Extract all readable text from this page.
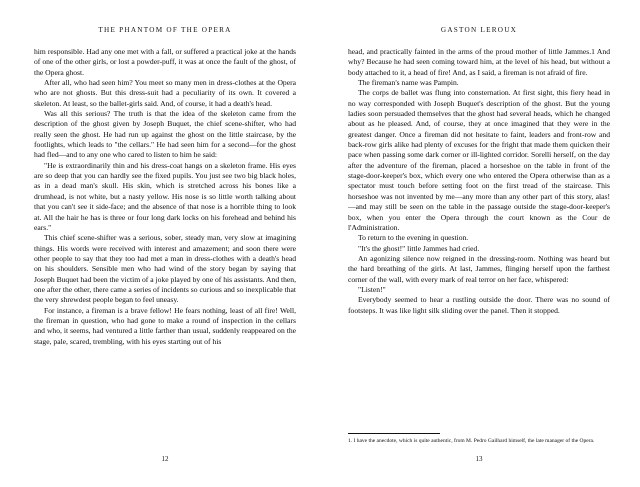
THE PHANTOM OF THE OPERA

him responsible. Had any one met with a fall, or suffered a practical joke at the hands of one of the other girls, or lost a powder-puff, it was at once the fault of the ghost, of the Opera ghost.

After all, who had seen him? You meet so many men in dress-clothes at the Opera who are not ghosts. But this dress-suit had a peculiarity of its own. It covered a skeleton. At least, so the ballet-girls said. And, of course, it had a death's head.

Was all this serious? The truth is that the idea of the skeleton came from the description of the ghost given by Joseph Buquet, the chief scene-shifter, who had really seen the ghost. He had run up against the ghost on the little staircase, by the footlights, which leads to "the cellars." He had seen him for a second—for the ghost had fled—and to any one who cared to listen to him he said:

"He is extraordinarily thin and his dress-coat hangs on a skeleton frame. His eyes are so deep that you can hardly see the fixed pupils. You just see two big black holes, as in a dead man's skull. His skin, which is stretched across his bones like a drumhead, is not white, but a nasty yellow. His nose is so little worth talking about that you can't see it side-face; and the absence of that nose is a horrible thing to look at. All the hair he has is three or four long dark locks on his forehead and behind his ears."

This chief scene-shifter was a serious, sober, steady man, very slow at imagining things. His words were received with interest and amazement; and soon there were other people to say that they too had met a man in dress-clothes with a death's head on his shoulders. Sensible men who had wind of the story began by saying that Joseph Buquet had been the victim of a joke played by one of his assistants. And then, one after the other, there came a series of incidents so curious and so inexplicable that the very shrewdest people began to feel uneasy.

For instance, a fireman is a brave fellow! He fears nothing, least of all fire! Well, the fireman in question, who had gone to make a round of inspection in the cellars and who, it seems, had ventured a little farther than usual, suddenly reappeared on the stage, pale, scared, trembling, with his eyes starting out of his

12
GASTON LEROUX

head, and practically fainted in the arms of the proud mother of little Jammes.1 And why? Because he had seen coming toward him, at the level of his head, but without a body attached to it, a head of fire! And, as I said, a fireman is not afraid of fire.

The fireman's name was Pampin.

The corps de ballet was flung into consternation. At first sight, this fiery head in no way corresponded with Joseph Buquet's description of the ghost. But the young ladies soon persuaded themselves that the ghost had several heads, which he changed about as he pleased. And, of course, they at once imagined that they were in the greatest danger. Once a fireman did not hesitate to faint, leaders and front-row and back-row girls alike had plenty of excuses for the fright that made them quicken their pace when passing some dark corner or ill-lighted corridor. Sorelli herself, on the day after the adventure of the fireman, placed a horseshoe on the table in front of the stage-door-keeper's box, which every one who entered the Opera otherwise than as a spectator must touch before setting foot on the first tread of the staircase. This horseshoe was not invented by me—any more than any other part of this story, alas!—and may still be seen on the table in the passage outside the stage-door-keeper's box, when you enter the Opera through the court known as the Cour de l'Administration.

To return to the evening in question.

"It's the ghost!" little Jammes had cried.

An agonizing silence now reigned in the dressing-room. Nothing was heard but the hard breathing of the girls. At last, Jammes, flinging herself upon the farthest corner of the wall, with every mark of real terror on her face, whispered:

"Listen!"

Everybody seemed to hear a rustling outside the door. There was no sound of footsteps. It was like light silk sliding over the panel. Then it stopped.

1. I have the anecdote, which is quite authentic, from M. Pedro Gailhard himself, the late manager of the Opera.

13
